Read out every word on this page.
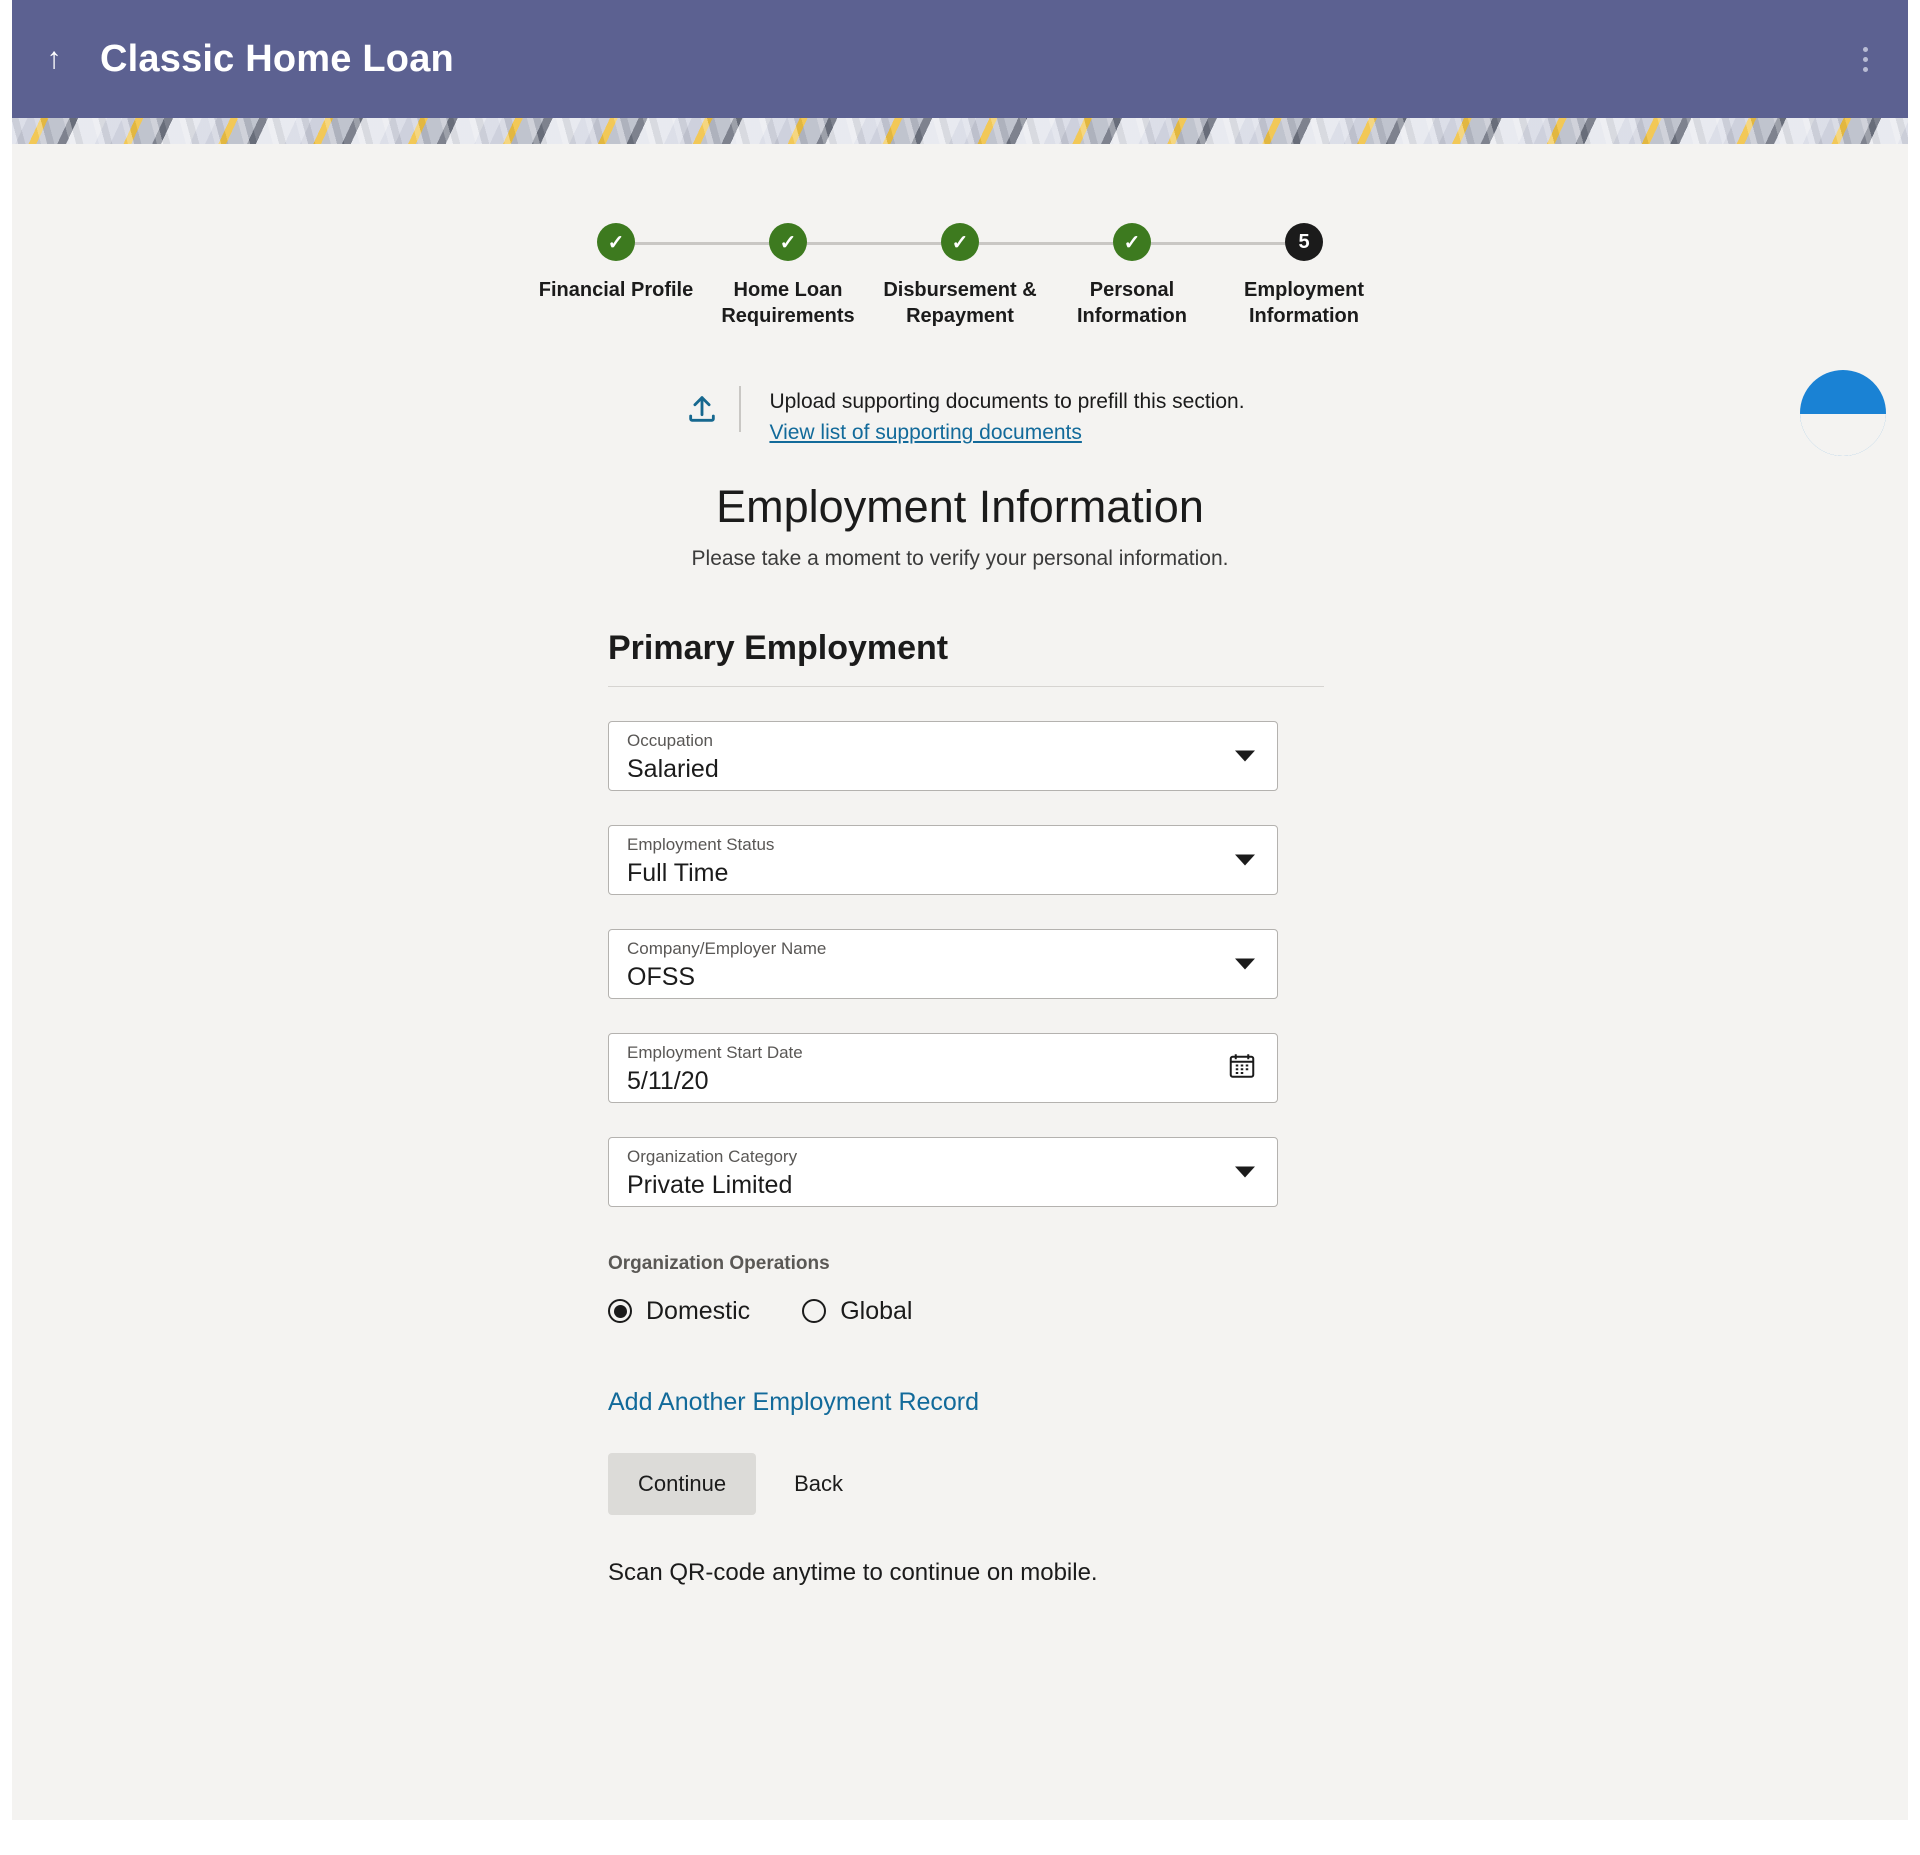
↑	Classic Home Loan
✓
Financial Profile
✓
Home Loan Requirements
✓
Disbursement & Repayment
✓
Personal Information
5
Employment Information
Upload supporting documents to prefill this section.
View list of supporting documents
Employment Information
Please take a moment to verify your personal information.
Primary Employment
Occupation
Salaried
Employment Status
Full Time
Company/Employer Name
OFSS
Employment Start Date
5/11/20
Organization Category
Private Limited
Organization Operations
Domestic	Global
Add Another Employment Record
Continue	Back
Scan QR-code anytime to continue on mobile.
